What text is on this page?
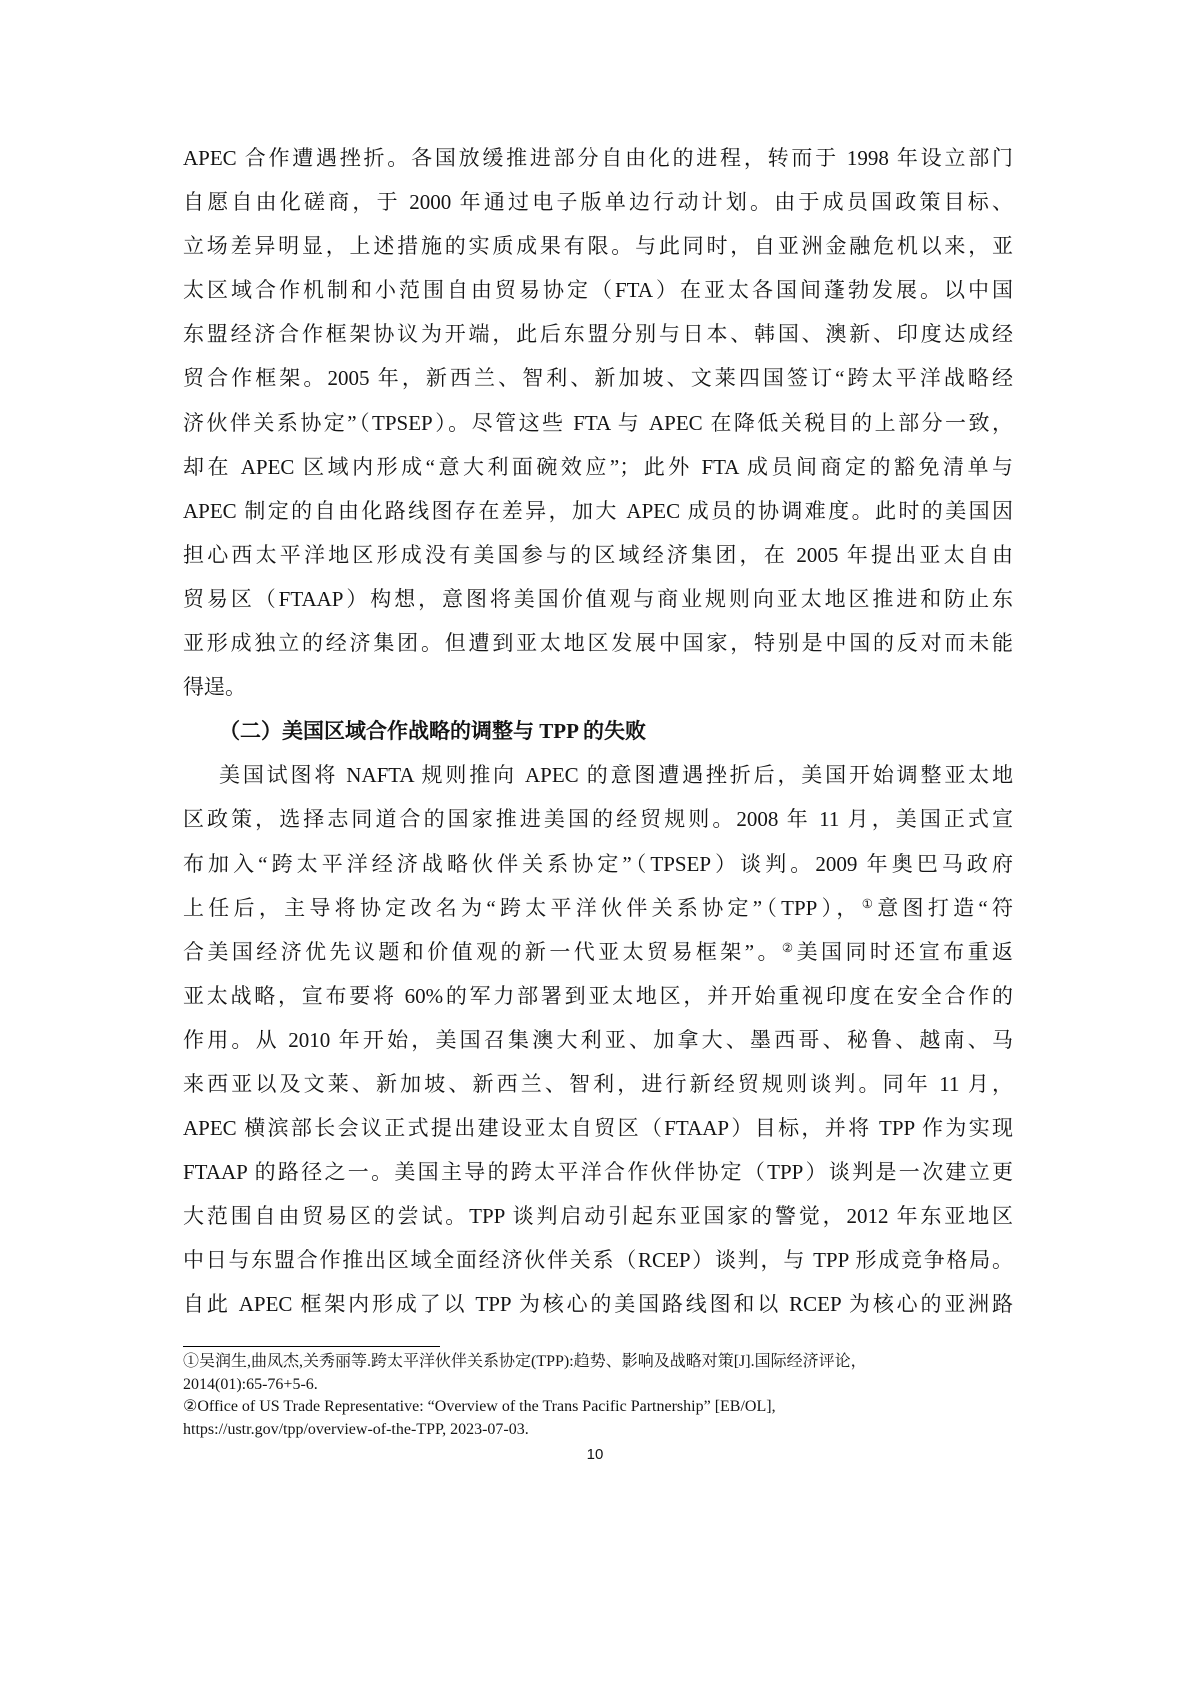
APEC 合作遭遇挫折。各国放缓推进部分自由化的进程，转而于 1998 年设立部门
自愿自由化磋商，于 2000 年通过电子版单边行动计划。由于成员国政策目标、
立场差异明显，上述措施的实质成果有限。与此同时，自亚洲金融危机以来，亚
太区域合作机制和小范围自由贸易协定（FTA）在亚太各国间蓬勃发展。以中国
东盟经济合作框架协议为开端，此后东盟分别与日本、韩国、澳新、印度达成经
贸合作框架。2005 年，新西兰、智利、新加坡、文莱四国签订“跨太平洋战略经
济伙伴关系协定”（TPSEP）。尽管这些 FTA 与 APEC 在降低关税目的上部分一致，
却在 APEC 区域内形成“意大利面碗效应”；此外 FTA 成员间商定的豁免清单与
APEC 制定的自由化路线图存在差异，加大 APEC 成员的协调难度。此时的美国因
担心西太平洋地区形成没有美国参与的区域经济集团，在 2005 年提出亚太自由
贸易区（FTAAP）构想，意图将美国价值观与商业规则向亚太地区推进和防止东
亚形成独立的经济集团。但遭到亚太地区发展中国家，特别是中国的反对而未能
得逞。
（二）美国区域合作战略的调整与 TPP 的失败
美国试图将 NAFTA 规则推向 APEC 的意图遭遇挫折后，美国开始调整亚太地
区政策，选择志同道合的国家推进美国的经贸规则。2008 年 11 月，美国正式宣
布加入“跨太平洋经济战略伙伴关系协定”（TPSEP）谈判。2009 年奥巴马政府
上任后，主导将协定改名为“跨太平洋伙伴关系协定”（TPP），①意图打造“符
合美国经济优先议题和价值观的新一代亚太贸易框架”。②美国同时还宣布重返
亚太战略，宣布要将 60%的军力部署到亚太地区，并开始重视印度在安全合作的
作用。从 2010 年开始，美国召集澳大利亚、加拿大、墨西哥、秘鲁、越南、马
来西亚以及文莱、新加坡、新西兰、智利，进行新经贸规则谈判。同年 11 月，
APEC 横滨部长会议正式提出建设亚太自贸区（FTAAP）目标，并将 TPP 作为实现
FTAAP 的路径之一。美国主导的跨太平洋合作伙伴协定（TPP）谈判是一次建立更
大范围自由贸易区的尝试。TPP 谈判启动引起东亚国家的警觉，2012 年东亚地区
中日与东盟合作推出区域全面经济伙伴关系（RCEP）谈判，与 TPP 形成竞争格局。
自此 APEC 框架内形成了以 TPP 为核心的美国路线图和以 RCEP 为核心的亚洲路
①吴润生,曲凤杰,关秀丽等.跨太平洋伙伴关系协定(TPP):趋势、影响及战略对策[J].国际经济评论，
2014(01):65-76+5-6.
②Office of US Trade Representative: “Overview of the Trans Pacific Partnership” [EB/OL],
https://ustr.gov/tpp/overview-of-the-TPP, 2023-07-03.
10
